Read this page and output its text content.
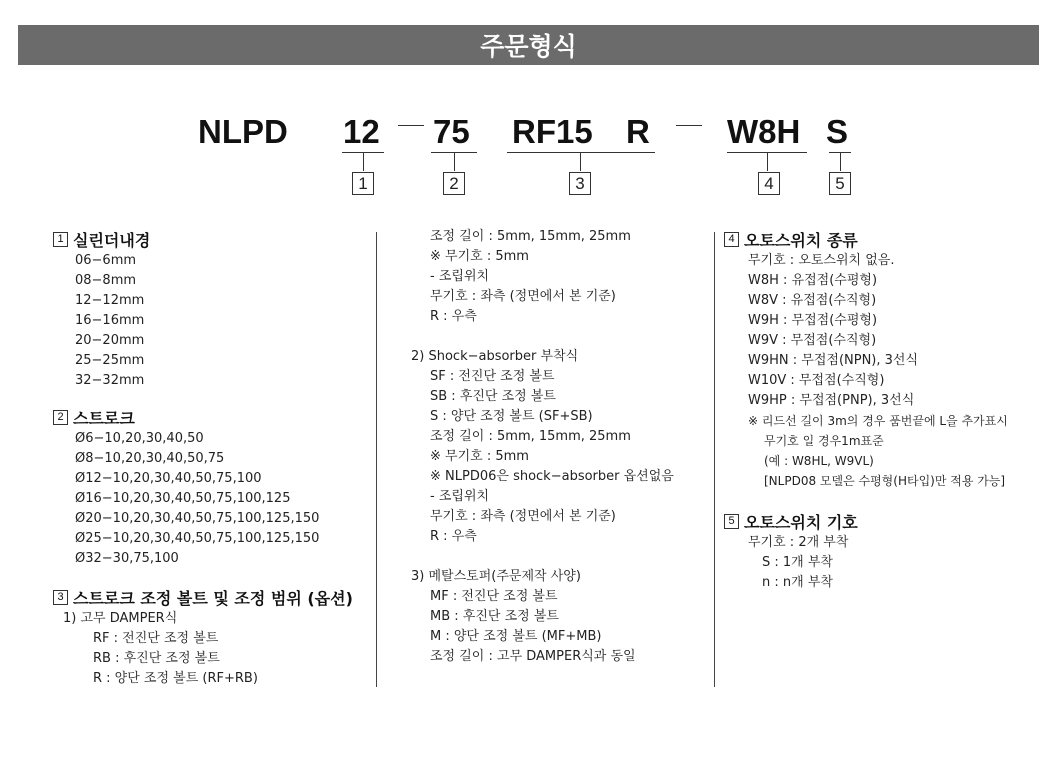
주문형식
NLPD 12 75 RF15 R W8H S
1	2	3	4	5
1 실린더내경
06−6mm
08−8mm
12−12mm
16−16mm
20−20mm
25−25mm
32−32mm
2 스트로크
Ø6−10,20,30,40,50
Ø8−10,20,30,40,50,75
Ø12−10,20,30,40,50,75,100
Ø16−10,20,30,40,50,75,100,125
Ø20−10,20,30,40,50,75,100,125,150
Ø25−10,20,30,40,50,75,100,125,150
Ø32−30,75,100
3 스트로크 조정 볼트 및 조정 범위 (옵션)
1) 고무 DAMPER식
RF : 전진단 조정 볼트
RB : 후진단 조정 볼트
R : 양단 조정 볼트 (RF+RB)
조정 길이 : 5mm, 15mm, 25mm
※ 무기호 : 5mm
- 조립위치
무기호 : 좌측 (정면에서 본 기준)
R : 우측
2) Shock−absorber 부착식
SF : 전진단 조정 볼트
SB : 후진단 조정 볼트
S : 양단 조정 볼트 (SF+SB)
조정 길이 : 5mm, 15mm, 25mm
※ 무기호 : 5mm
※ NLPD06은 shock−absorber 옵션없음
- 조립위치
무기호 : 좌측 (정면에서 본 기준)
R : 우측
3) 메탈스토퍼(주문제작 사양)
MF : 전진단 조정 볼트
MB : 후진단 조정 볼트
M : 양단 조정 볼트 (MF+MB)
조정 길이 : 고무 DAMPER식과 동일
4 오토스위치 종류
무기호 : 오토스위치 없음.
W8H : 유접점(수평형)
W8V : 유접점(수직형)
W9H : 무접점(수평형)
W9V : 무접점(수직형)
W9HN : 무접점(NPN), 3선식
W10V : 무접점(수직형)
W9HP : 무접점(PNP), 3선식
※ 리드선 길이 3m의 경우 품번끝에 L을 추가표시
무기호 일 경우1m표준
(예 : W8HL, W9VL)
[NLPD08 모델은 수평형(H타입)만 적용 가능]
5 오토스위치 기호
무기호 : 2개 부착
S : 1개 부착
n : n개 부착
